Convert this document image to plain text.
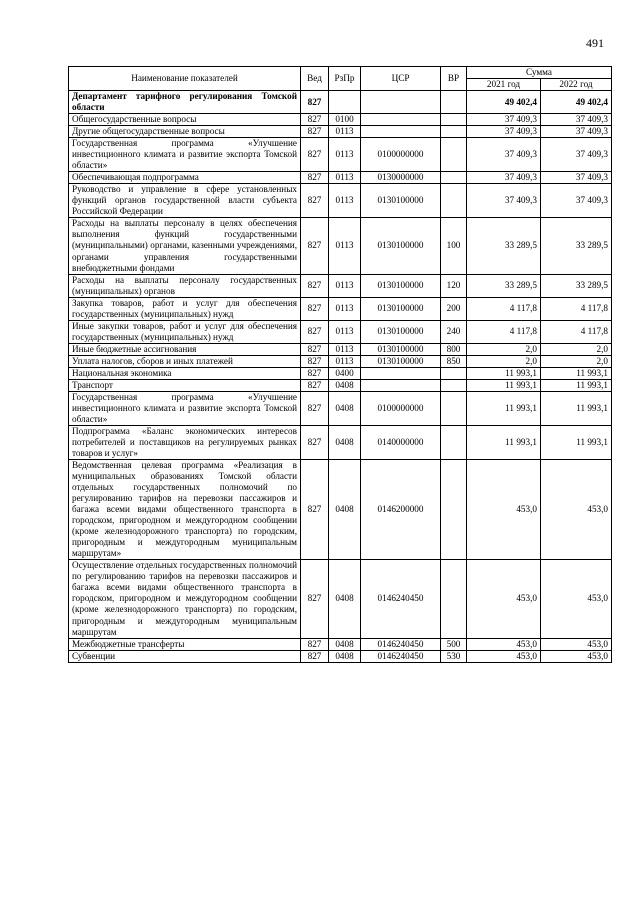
491
Наименование показателей	Вед	РзПр	ЦСР	ВР	Сумма	
					2021 год	2022 год
Департамент тарифного регулирования Томской области	827				49 402,4	49 402,4
Общегосударственные вопросы	827	0100			37 409,3	37 409,3
Другие общегосударственные вопросы	827	0113			37 409,3	37 409,3
Государственная программа «Улучшение инвестиционного климата и развитие экспорта Томской области»	827	0113	0100000000		37 409,3	37 409,3
Обеспечивающая подпрограмма	827	0113	0130000000		37 409,3	37 409,3
Руководство и управление в сфере установленных функций органов государственной власти субъекта Российской Федерации	827	0113	0130100000		37 409,3	37 409,3
Расходы на выплаты персоналу в целях обеспечения выполнения функций государственными (муниципальными) органами, казенными учреждениями, органами управления государственными внебюджетными фондами	827	0113	0130100000	100	33 289,5	33 289,5
Расходы на выплаты персоналу государственных (муниципальных) органов	827	0113	0130100000	120	33 289,5	33 289,5
Закупка товаров, работ и услуг для обеспечения государственных (муниципальных) нужд	827	0113	0130100000	200	4 117,8	4 117,8
Иные закупки товаров, работ и услуг для обеспечения государственных (муниципальных) нужд	827	0113	0130100000	240	4 117,8	4 117,8
Иные бюджетные ассигнования	827	0113	0130100000	800	2,0	2,0
Уплата налогов, сборов и иных платежей	827	0113	0130100000	850	2,0	2,0
Национальная экономика	827	0400			11 993,1	11 993,1
Транспорт	827	0408			11 993,1	11 993,1
Государственная программа «Улучшение инвестиционного климата и развитие экспорта Томской области»	827	0408	0100000000		11 993,1	11 993,1
Подпрограмма «Баланс экономических интересов потребителей и поставщиков на регулируемых рынках товаров и услуг»	827	0408	0140000000		11 993,1	11 993,1
Ведомственная целевая программа «Реализация в муниципальных образованиях Томской области отдельных государственных полномочий по регулированию тарифов на перевозки пассажиров и багажа всеми видами общественного транспорта в городском, пригородном и междугородном сообщении (кроме железнодорожного транспорта) по городским, пригородным и междугородным муниципальным маршрутам»	827	0408	0146200000		453,0	453,0
Осуществление отдельных государственных полномочий по регулированию тарифов на перевозки пассажиров и багажа всеми видами общественного транспорта в городском, пригородном и междугородном сообщении (кроме железнодорожного транспорта) по городским, пригородным и междугородным муниципальным маршрутам	827	0408	0146240450		453,0	453,0
Межбюджетные трансферты	827	0408	0146240450	500	453,0	453,0
Субвенции	827	0408	0146240450	530	453,0	453,0
